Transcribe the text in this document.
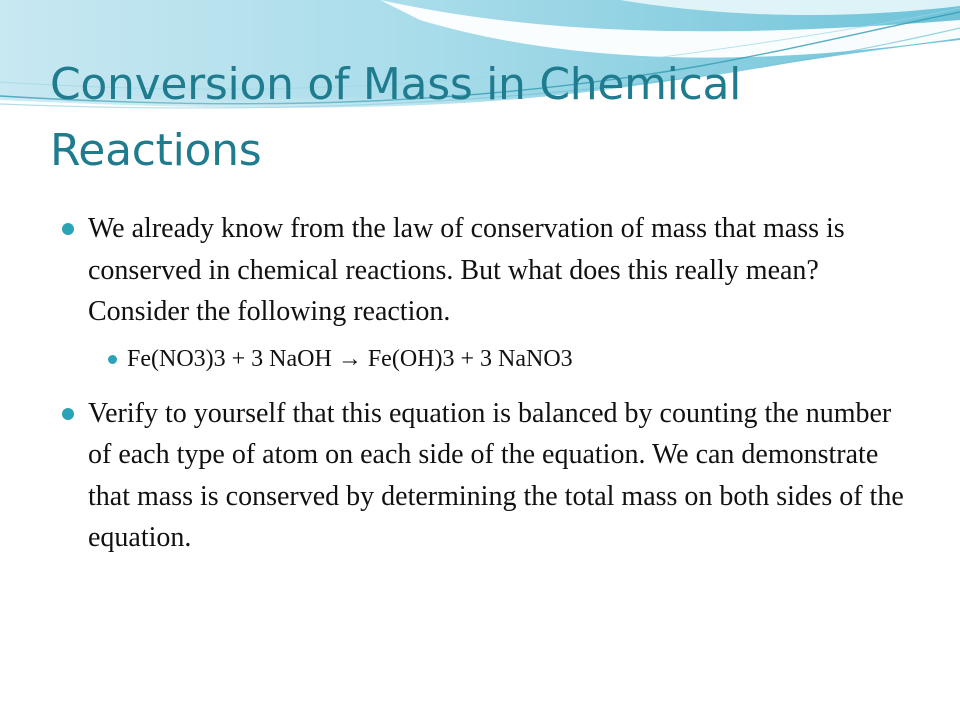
Conversion of Mass in Chemical Reactions
We already know from the law of conservation of mass that mass is conserved in chemical reactions. But what does this really mean? Consider the following reaction.
Fe(NO3)3 + 3 NaOH → Fe(OH)3 + 3 NaNO3
Verify to yourself that this equation is balanced by counting the number of each type of atom on each side of the equation. We can demonstrate that mass is conserved by determining the total mass on both sides of the equation.
